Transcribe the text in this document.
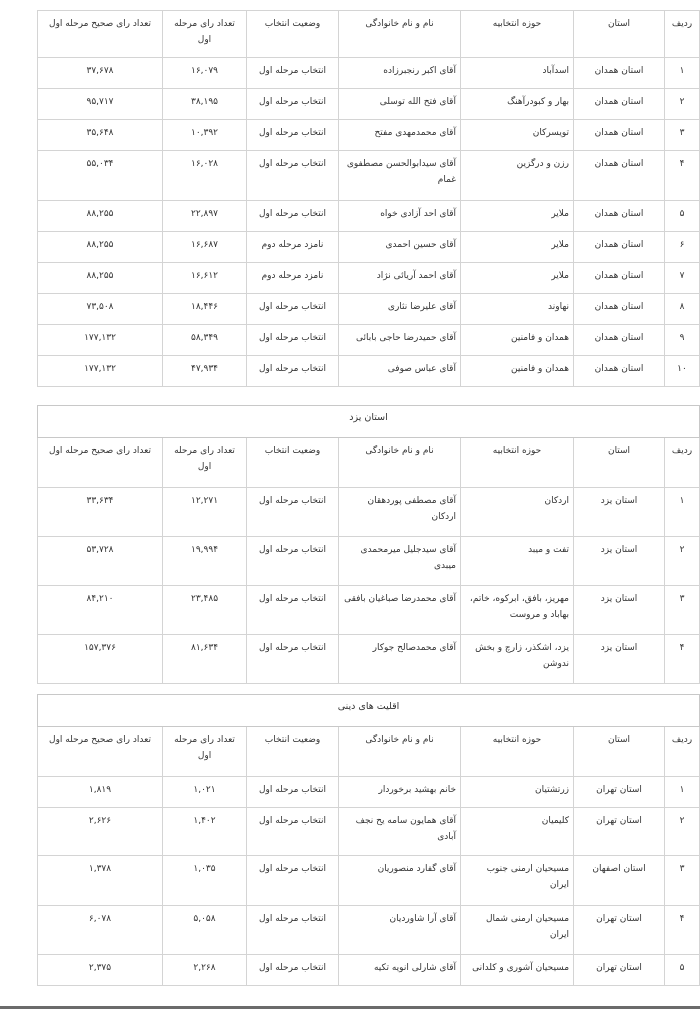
ردیف	استان	حوزه انتخابیه	نام و نام خانوادگی	وضعیت انتخاب	تعداد رای مرحله اول	تعداد رای صحیح مرحله اول
۱	استان همدان	اسدآباد	آقای اکبر رنجبرزاده	انتخاب مرحله اول	۱۶,۰۷۹	۳۷,۶۷۸
۲	استان همدان	بهار و کبودرآهنگ	آقای فتح الله توسلی	انتخاب مرحله اول	۳۸,۱۹۵	۹۵,۷۱۷
۳	استان همدان	تویسرکان	آقای محمدمهدی مفتح	انتخاب مرحله اول	۱۰,۳۹۲	۳۵,۶۴۸
۴	استان همدان	رزن و درگزین	آقای سیدابوالحسن مصطفوی غمام	انتخاب مرحله اول	۱۶,۰۲۸	۵۵,۰۳۴
۵	استان همدان	ملایر	آقای احد آزادی خواه	انتخاب مرحله اول	۲۲,۸۹۷	۸۸,۲۵۵
۶	استان همدان	ملایر	آقای حسین احمدی	نامزد مرحله دوم	۱۶,۶۸۷	۸۸,۲۵۵
۷	استان همدان	ملایر	آقای احمد آریائی نژاد	نامزد مرحله دوم	۱۶,۶۱۲	۸۸,۲۵۵
۸	استان همدان	نهاوند	آقای علیرضا نثاری	انتخاب مرحله اول	۱۸,۴۴۶	۷۳,۵۰۸
۹	استان همدان	همدان و فامنین	آقای حمیدرضا حاجی بابائی	انتخاب مرحله اول	۵۸,۳۴۹	۱۷۷,۱۳۲
۱۰	استان همدان	همدان و فامنین	آقای عباس صوفی	انتخاب مرحله اول	۴۷,۹۳۴	۱۷۷,۱۳۲
استان یزد						
ردیف	استان	حوزه انتخابیه	نام و نام خانوادگی	وضعیت انتخاب	تعداد رای مرحله اول	تعداد رای صحیح مرحله اول
۱	استان یزد	اردکان	آقای مصطفی پوردهقان اردکان	انتخاب مرحله اول	۱۲,۲۷۱	۳۳,۶۳۴
۲	استان یزد	تفت و میبد	آقای سیدجلیل میرمحمدی میبدی	انتخاب مرحله اول	۱۹,۹۹۴	۵۳,۷۲۸
۳	استان یزد	مهریز، بافق، ابرکوه، خاتم، بهاباد و مروست	آقای محمدرضا صباغیان بافقی	انتخاب مرحله اول	۲۳,۴۸۵	۸۴,۲۱۰
۴	استان یزد	یزد، اشکذر، زارچ و بخش ندوشن	آقای محمدصالح جوکار	انتخاب مرحله اول	۸۱,۶۳۴	۱۵۷,۳۷۶
اقلیت های دینی						
ردیف	استان	حوزه انتخابیه	نام و نام خانوادگی	وضعیت انتخاب	تعداد رای مرحله اول	تعداد رای صحیح مرحله اول
۱	استان تهران	زرتشتیان	خانم بهشید برخوردار	انتخاب مرحله اول	۱,۰۲۱	۱,۸۱۹
۲	استان تهران	کلیمیان	آقای همایون سامه یح نجف آبادی	انتخاب مرحله اول	۱,۴۰۲	۲,۶۲۶
۳	استان اصفهان	مسیحیان ارمنی جنوب ایران	آقای گفارد منصوریان	انتخاب مرحله اول	۱,۰۳۵	۱,۳۷۸
۴	استان تهران	مسیحیان ارمنی شمال ایران	آقای آرا شاوردیان	انتخاب مرحله اول	۵,۰۵۸	۶,۰۷۸
۵	استان تهران	مسیحیان آشوری و کلدانی	آقای شارلی انویه تکیه	انتخاب مرحله اول	۲,۲۶۸	۲,۳۷۵
